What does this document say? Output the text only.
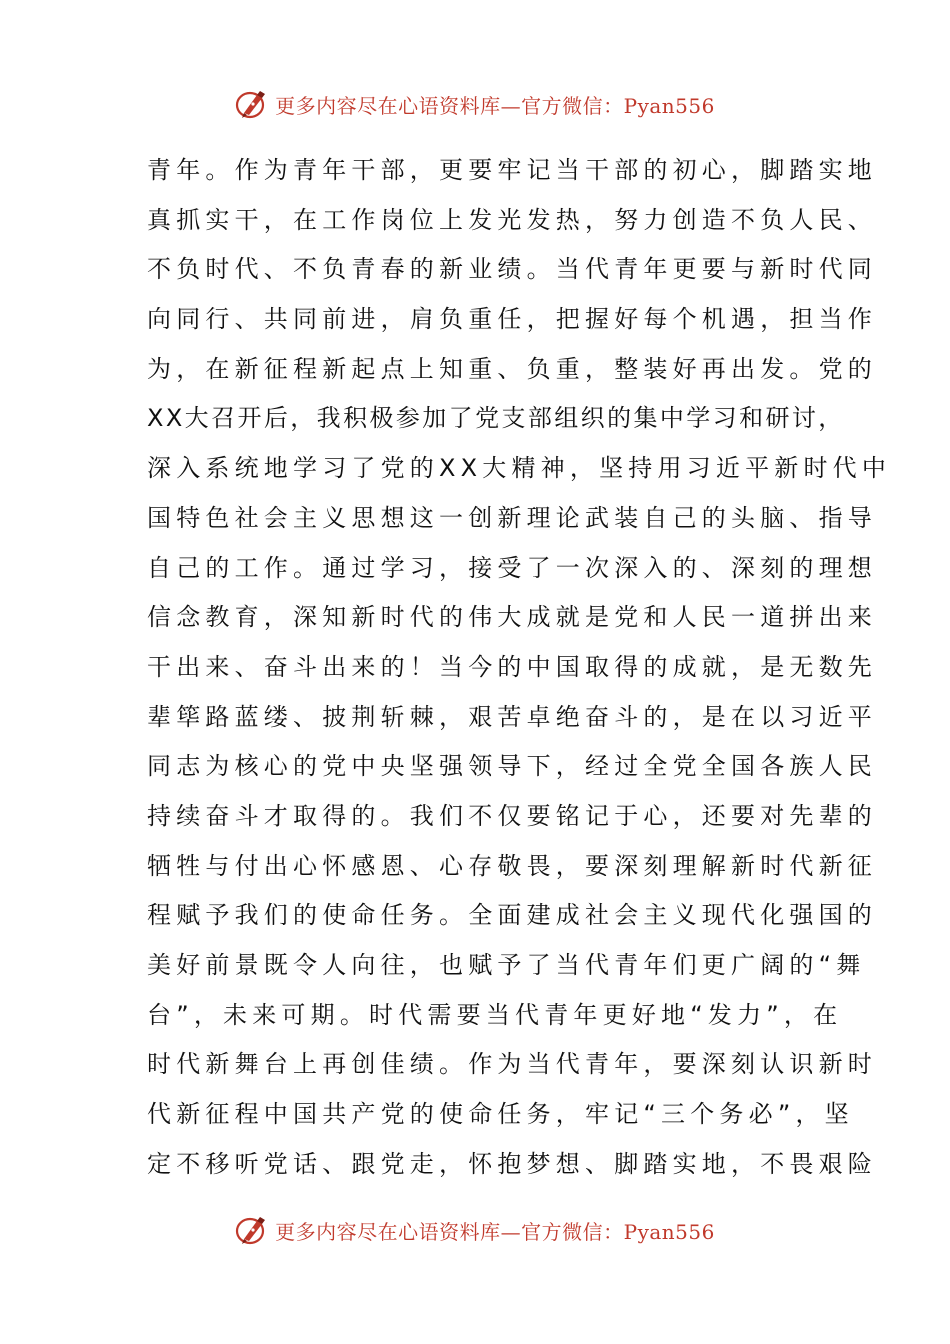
更多内容尽在心语资料库—官方微信：Pyan556
青年。作为青年干部，更要牢记当干部的初心，脚踏实地
真抓实干，在工作岗位上发光发热，努力创造不负人民、
不负时代、不负青春的新业绩。当代青年更要与新时代同
向同行、共同前进，肩负重任，把握好每个机遇，担当作
为，在新征程新起点上知重、负重，整装好再出发。党的
XX大召开后，我积极参加了党支部组织的集中学习和研讨，
深入系统地学习了党的XX大精神，坚持用习近平新时代中
国特色社会主义思想这一创新理论武装自己的头脑、指导
自己的工作。通过学习，接受了一次深入的、深刻的理想
信念教育，深知新时代的伟大成就是党和人民一道拼出来
干出来、奋斗出来的！当今的中国取得的成就，是无数先
辈筚路蓝缕、披荆斩棘，艰苦卓绝奋斗的，是在以习近平
同志为核心的党中央坚强领导下，经过全党全国各族人民
持续奋斗才取得的。我们不仅要铭记于心，还要对先辈的
牺牲与付出心怀感恩、心存敬畏，要深刻理解新时代新征
程赋予我们的使命任务。全面建成社会主义现代化强国的
美好前景既令人向往，也赋予了当代青年们更广阔的“舞
台”，未来可期。时代需要当代青年更好地“发力”，在
时代新舞台上再创佳绩。作为当代青年，要深刻认识新时
代新征程中国共产党的使命任务，牢记“三个务必”，坚
定不移听党话、跟党走，怀抱梦想、脚踏实地，不畏艰险
更多内容尽在心语资料库—官方微信：Pyan556
